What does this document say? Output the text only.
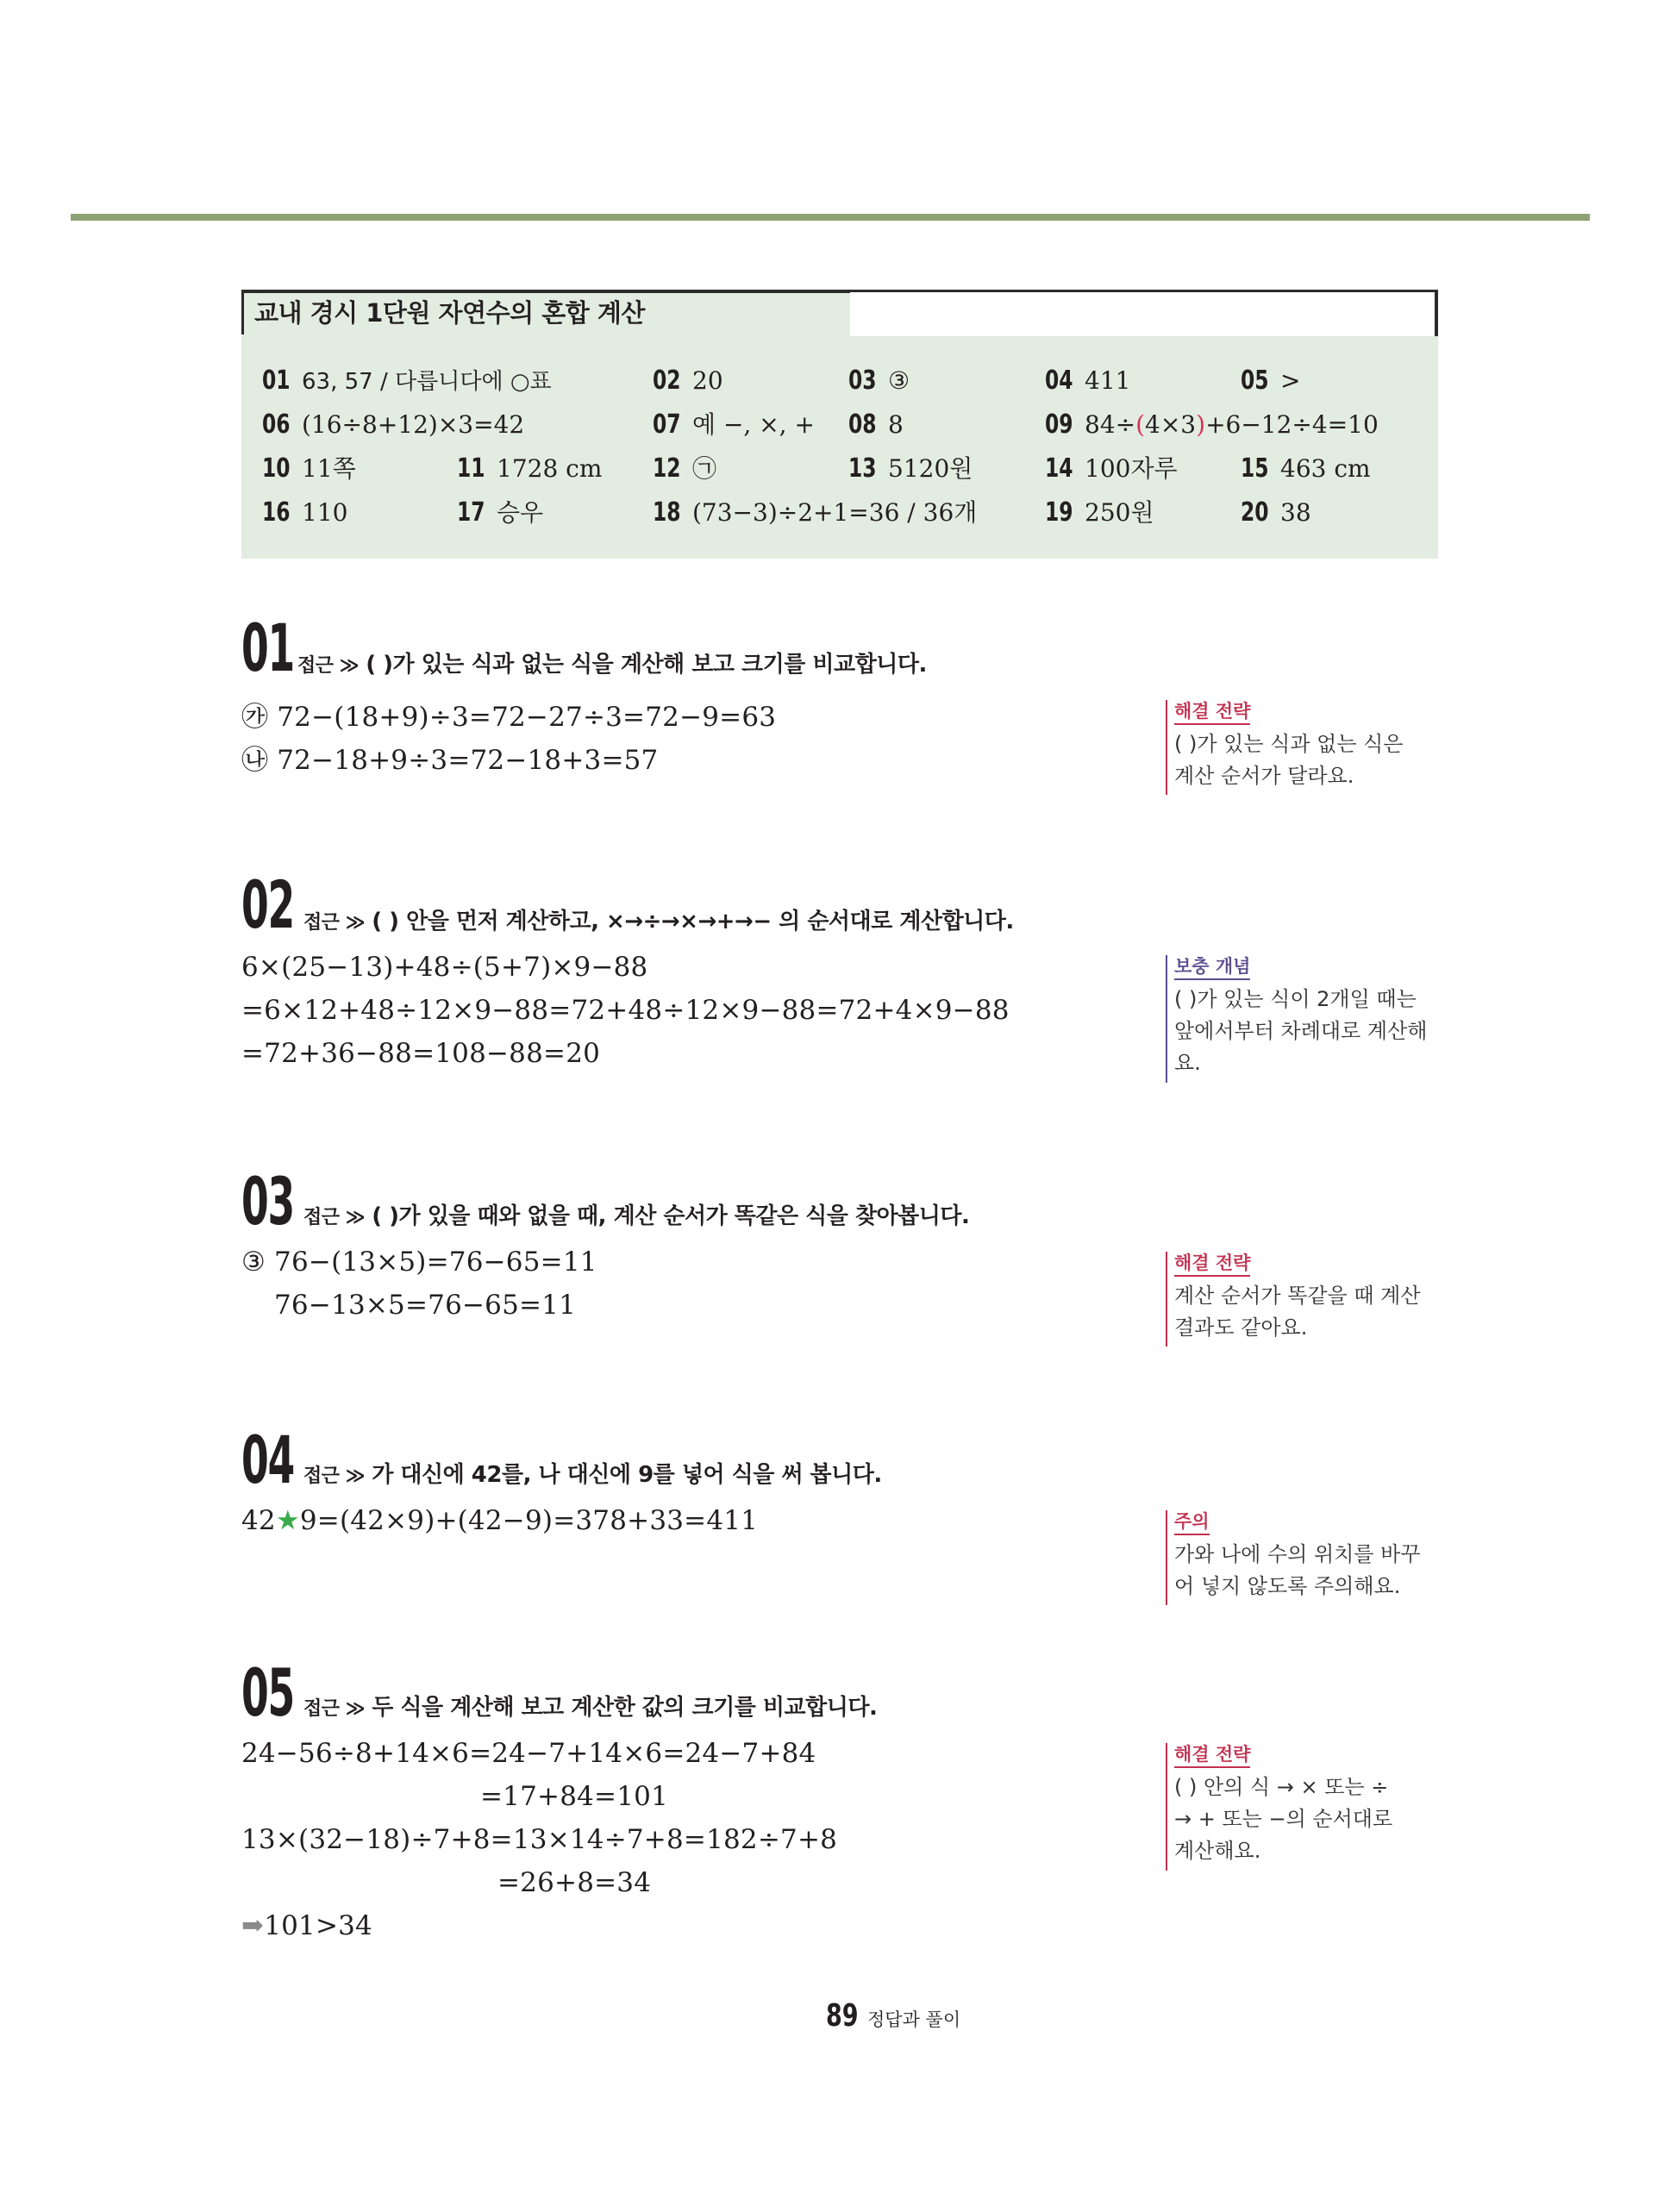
교내 경시 1단원 자연수의 혼합 계산
01 63, 57 / 다릅니다에 ○표	02 20	03 ③	04 411	05 >
06 (16÷8+12)×3=42	07 예 −, ×, + 08 8	09 84÷(4×3)+6−12÷4=10
10 11쪽	11 1728 cm 12 ㉠	13 5120원	14 100자루 15 463 cm
16 110	17 승우	18 (73−3)÷2+1=36 / 36개	19 250원	20 38
01 접근 ≫ ( )가 있는 식과 없는 식을 계산해 보고 크기를 비교합니다.
㉮ 72−(18+9)÷3=72−27÷3=72−9=63
㉯ 72−18+9÷3=72−18+3=57
해결 전략
( )가 있는 식과 없는 식은
계산 순서가 달라요.
02 접근 ≫ ( ) 안을 먼저 계산하고, ×→÷→×→+→− 의 순서대로 계산합니다.
6×(25−13)+48÷(5+7)×9−88
=6×12+48÷12×9−88=72+48÷12×9−88=72+4×9−88
=72+36−88=108−88=20
보충 개념
( )가 있는 식이 2개일 때는
앞에서부터 차례대로 계산해
요.
03 접근 ≫ ( )가 있을 때와 없을 때, 계산 순서가 똑같은 식을 찾아봅니다.
③ 76−(13×5)=76−65=11
76−13×5=76−65=11
해결 전략
계산 순서가 똑같을 때 계산
결과도 같아요.
04 접근 ≫ 가 대신에 42를, 나 대신에 9를 넣어 식을 써 봅니다.
42★9=(42×9)+(42−9)=378+33=411	주의
가와 나에 수의 위치를 바꾸
어 넣지 않도록 주의해요.
05 접근 ≫ 두 식을 계산해 보고 계산한 값의 크기를 비교합니다.
24−56÷8+14×6=24−7+14×6=24−7+84
=17+84=101
13×(32−18)÷7+8=13×14÷7+8=182÷7+8
=26+8=34
➡101>34
해결 전략
( ) 안의 식 → × 또는 ÷
→ + 또는 −의 순서대로
계산해요.
89 정답과 풀이
